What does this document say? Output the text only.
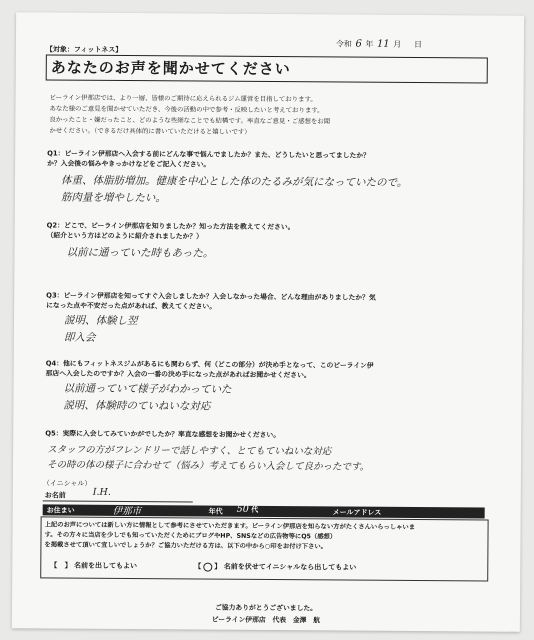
令和 6 年 11 月 日
【対象：フィットネス】
あなたのお声を聞かせてください

ビーライン伊那店では、より一層、皆様のご期待に応えられるジム運営を目指しております。

あなた様のご意見を聞かせていただき、今後の活動の中で参考・反映したいと考えております。

良かったこと・嫌だったこと、どのような些細なことでも結構です。率直なご意見・ご感想をお聞

かせください。（できるだけ具体的に書いていただけると嬉しいです）

Q1：ビーライン伊那店へ入会する前にどんな事で悩んでましたか？また、どうしたいと思ってましたか？

か？入会後の悩みやきっかけなどをご記入ください。

体重、体脂肪増加。健康を中心とした体のたるみが気になっていたので。

筋肉量を増やしたい。

Q2：どこで、ビーライン伊那店を知りましたか？知った方法を教えてください。

（紹介という方はどのように紹介されましたか？）

以前に通っていた時もあった。

Q3：ビーライン伊那店を知ってすぐ入会しましたか？入会しなかった場合、どんな理由がありましたか？気

になった点や不安だった点があれば、教えてください。

説明、体験し翌

即入会

Q4：他にもフィットネスジムがあるにも関わらず、何（どこの部分）が決め手となって、このビーライン伊

那店へ入会したのですか？入会の一番の決め手になった点があればお聞かせください。

以前通っていて様子がわかっていた

説明、体験時のていねいな対応

Q5：実際に入会してみていかがでしたか？率直な感想をお聞かせください。

スタッフの方がフレンドリーで話しやすく、とてもていねいな対応

その時の体の様子に合わせて（悩み）考えてもらい入会して良かったです。

（イニシャル）
お名前	I.H.
お住まい	伊那市	年代 50 代	メールアドレス

上記のお声については新しい方に情報として参考にさせていただきます。ビーライン伊那店を知らない方がたくさんいらっしゃいま

す。その方々に当店を少しでも知っていただくためにブログやHP、SNSなどの広告物等にQ5（感想）

を掲載させて頂いて宜しいでしょうか？ご協力いただける方は、以下の中から○印をお付け下さい。

【 】 名前を出してもよい	【 ○ 】 名前を伏せてイニシャルなら出してもよい
ご協力ありがとうございました。
ビーライン伊那店　代表　金澤　航
